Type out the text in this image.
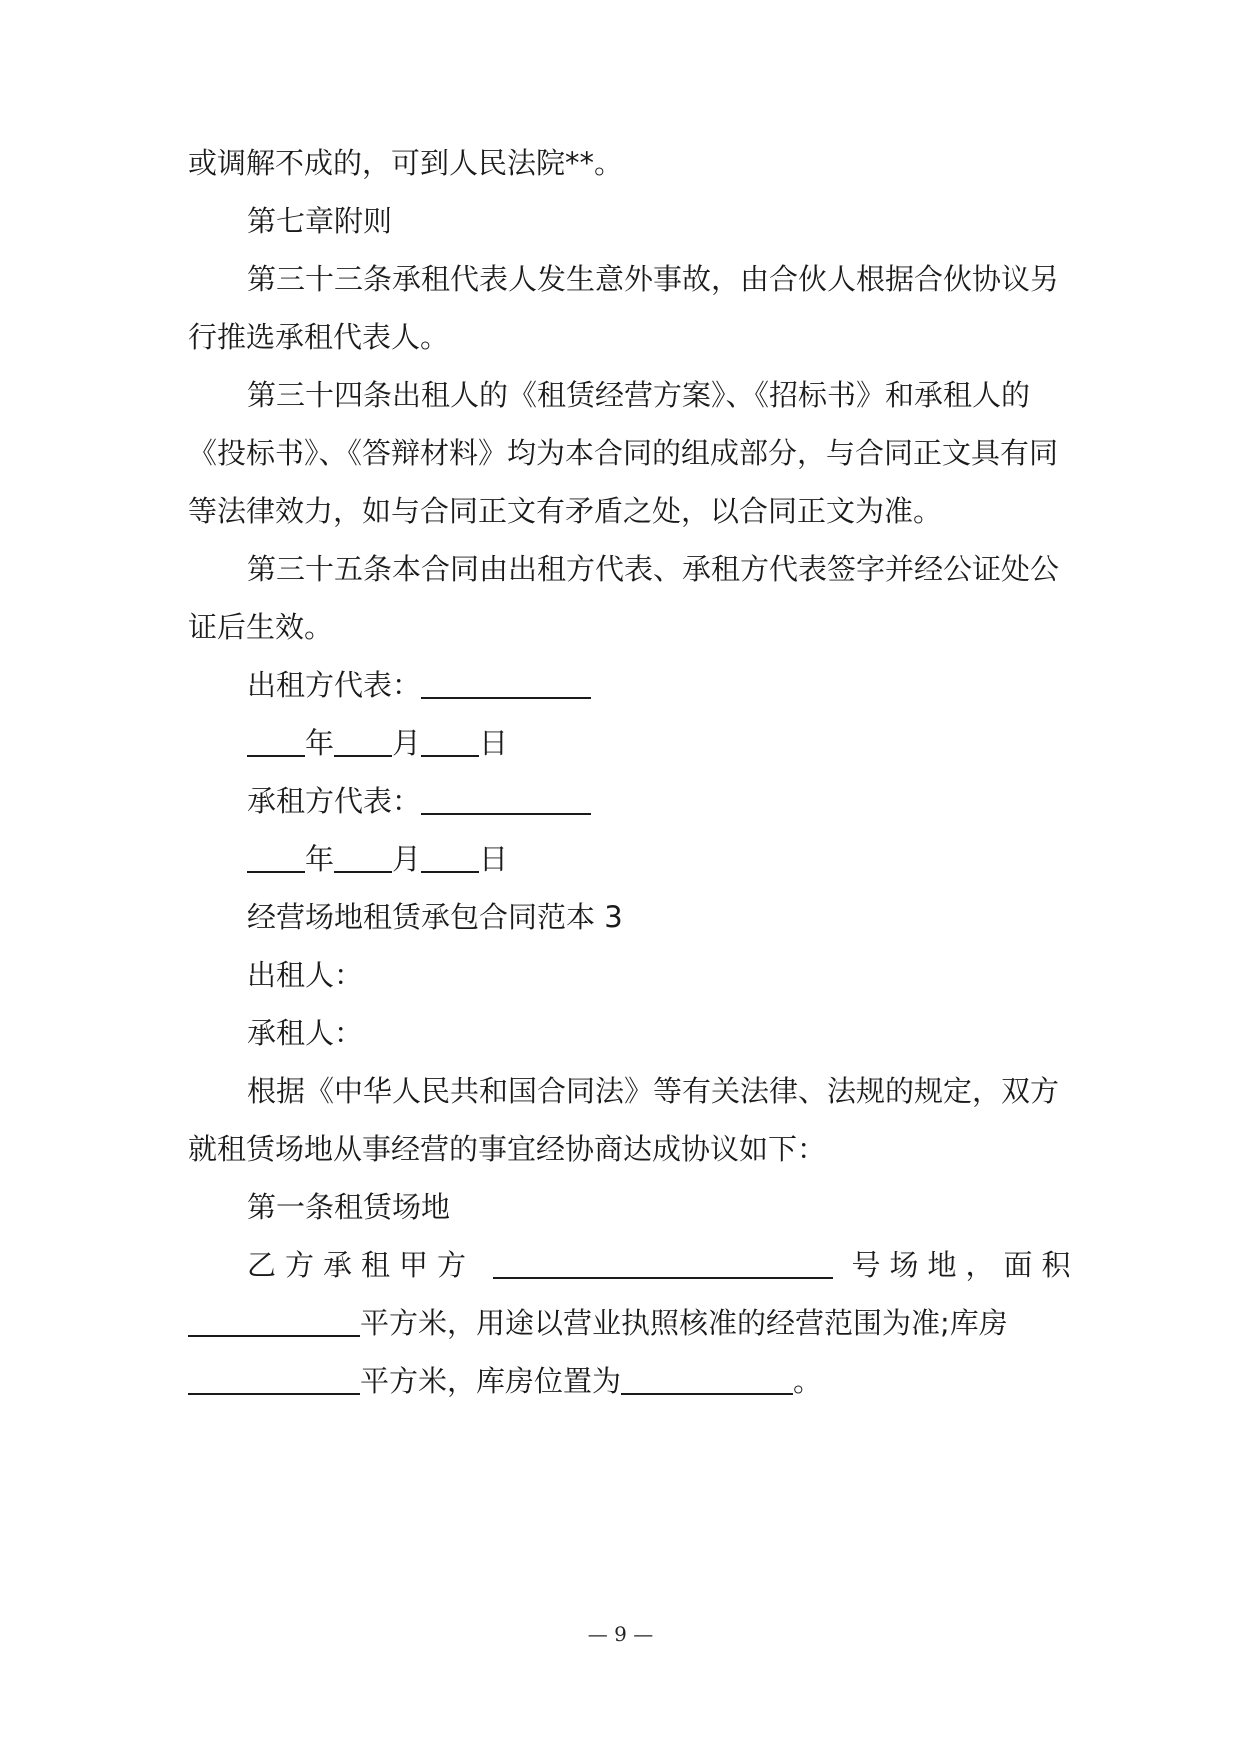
或调解不成的，可到人民法院**。
第七章附则
第三十三条承租代表人发生意外事故，由合伙人根据合伙协议另
行推选承租代表人。
第三十四条出租人的《租赁经营方案》、《招标书》和承租人的
《投标书》、《答辩材料》均为本合同的组成部分，与合同正文具有同
等法律效力，如与合同正文有矛盾之处，以合同正文为准。
第三十五条本合同由出租方代表、承租方代表签字并经公证处公
证后生效。
出租方代表：
年 月 日
承租方代表：
年 月 日
经营场地租赁承包合同范本 3
出租人：
承租人：
根据《中华人民共和国合同法》等有关法律、法规的规定，双方
就租赁场地从事经营的事宜经协商达成协议如下：
第一条租赁场地
乙方承租甲方	号场地，面积
平方米，用途以营业执照核准的经营范围为准;库房
平方米，库房位置为	。
— 9 —
